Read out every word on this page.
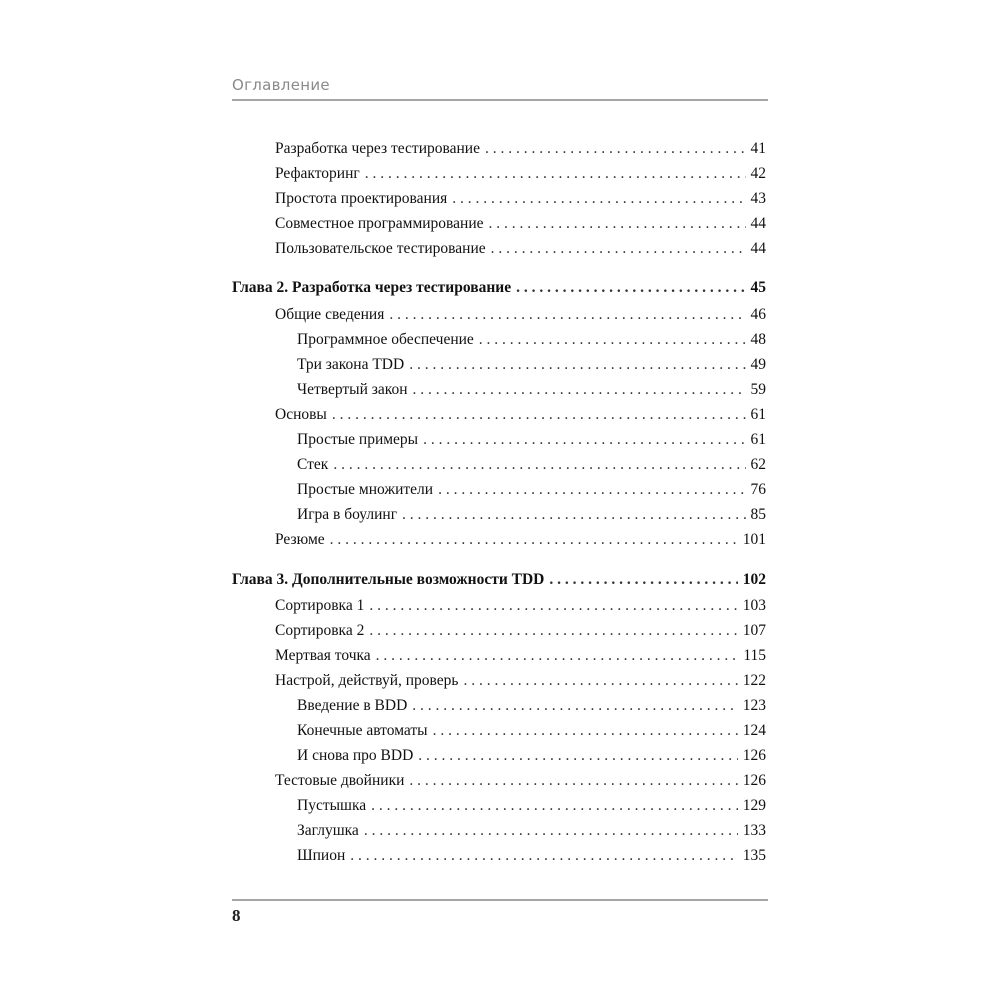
Оглавление
Разработка через тестирование . . .	41
Рефакторинг . . .	42
Простота проектирования . . .	43
Совместное программирование . . .	44
Пользовательское тестирование . . .	44
Глава 2. Разработка через тестирование . . .	45
Общие сведения . . .	46
Программное обеспечение . . .	48
Три закона TDD . . .	49
Четвертый закон . . .	59
Основы . . .	61
Простые примеры . . .	61
Стек . . .	62
Простые множители . . .	76
Игра в боулинг . . .	85
Резюме . . .	101
Глава 3. Дополнительные возможности TDD . . .	102
Сортировка 1 . . .	103
Сортировка 2 . . .	107
Мертвая точка . . .	115
Настрой, действуй, проверь . . .	122
Введение в BDD . . .	123
Конечные автоматы . . .	124
И снова про BDD . . .	126
Тестовые двойники . . .	126
Пустышка . . .	129
Заглушка . . .	133
Шпион . . .	135
8
